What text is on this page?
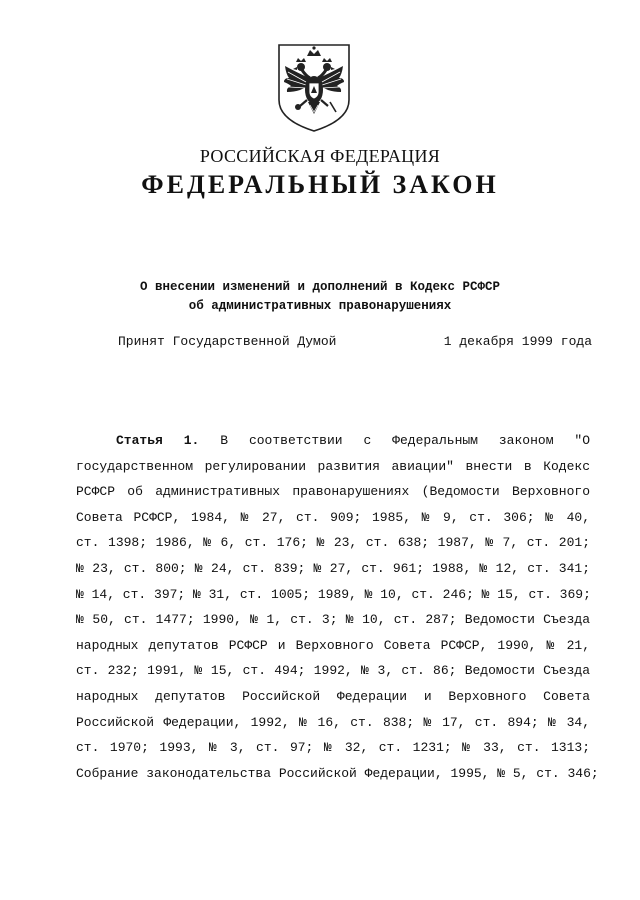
РОССИЙСКАЯ ФЕДЕРАЦИЯ
ФЕДЕРАЛЬНЫЙ ЗАКОН
О внесении изменений и дополнений в Кодекс РСФСР
об административных правонарушениях
Принят Государственной Думой	1 декабря 1999 года
Статья 1. В соответствии с Федеральным законом "О
государственном регулировании развития авиации" внести в Кодекс
РСФСР об административных правонарушениях (Ведомости Верховного
Совета РСФСР, 1984, № 27, ст. 909; 1985, № 9, ст. 306; № 40,
ст. 1398; 1986, № 6, ст. 176; № 23, ст. 638; 1987, № 7, ст. 201;
№ 23, ст. 800; № 24, ст. 839; № 27, ст. 961; 1988, № 12, ст. 341;
№ 14, ст. 397; № 31, ст. 1005; 1989, № 10, ст. 246; № 15, ст. 369;
№ 50, ст. 1477; 1990, № 1, ст. 3; № 10, ст. 287; Ведомости Съезда
народных депутатов РСФСР и Верховного Совета РСФСР, 1990, № 21,
ст. 232; 1991, № 15, ст. 494; 1992, № 3, ст. 86; Ведомости Съезда
народных депутатов Российской Федерации и Верховного Совета
Российской Федерации, 1992, № 16, ст. 838; № 17, ст. 894; № 34,
ст. 1970; 1993, № 3, ст. 97; № 32, ст. 1231; № 33, ст. 1313;
Собрание законодательства Российской Федерации, 1995, № 5, ст. 346;
